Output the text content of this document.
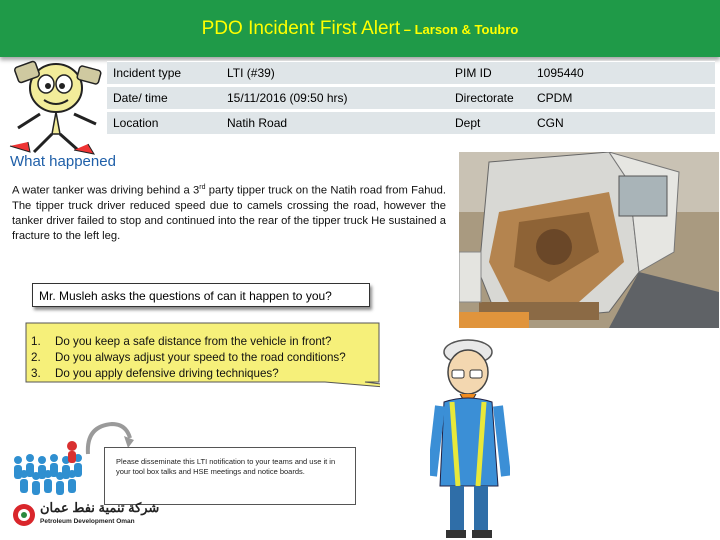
PDO Incident First Alert – Larson & Toubro
Incident type	LTI (#39)	PIM ID	1095440
Date/ time	15/11/2016 (09:50 hrs)	Directorate	CPDM
Location	Natih Road	Dept	CGN
What happened
A water tanker was driving behind a 3rd party tipper truck on the Natih road from Fahud. The tipper truck driver reduced speed due to camels crossing the road, however the tanker driver failed to stop and continued into the rear of the tipper truck He sustained a fracture to the left leg.
Mr. Musleh asks the questions of can it happen to you?
1.	Do you keep a safe distance from the vehicle in front?
2.	Do you always adjust your speed to the road conditions?
3.	Do you apply defensive driving techniques?
Please disseminate this LTI notification to your teams and use it in your tool box talks and HSE meetings and notice boards.
شركة تنمية نفط عمان
Petroleum Development Oman
